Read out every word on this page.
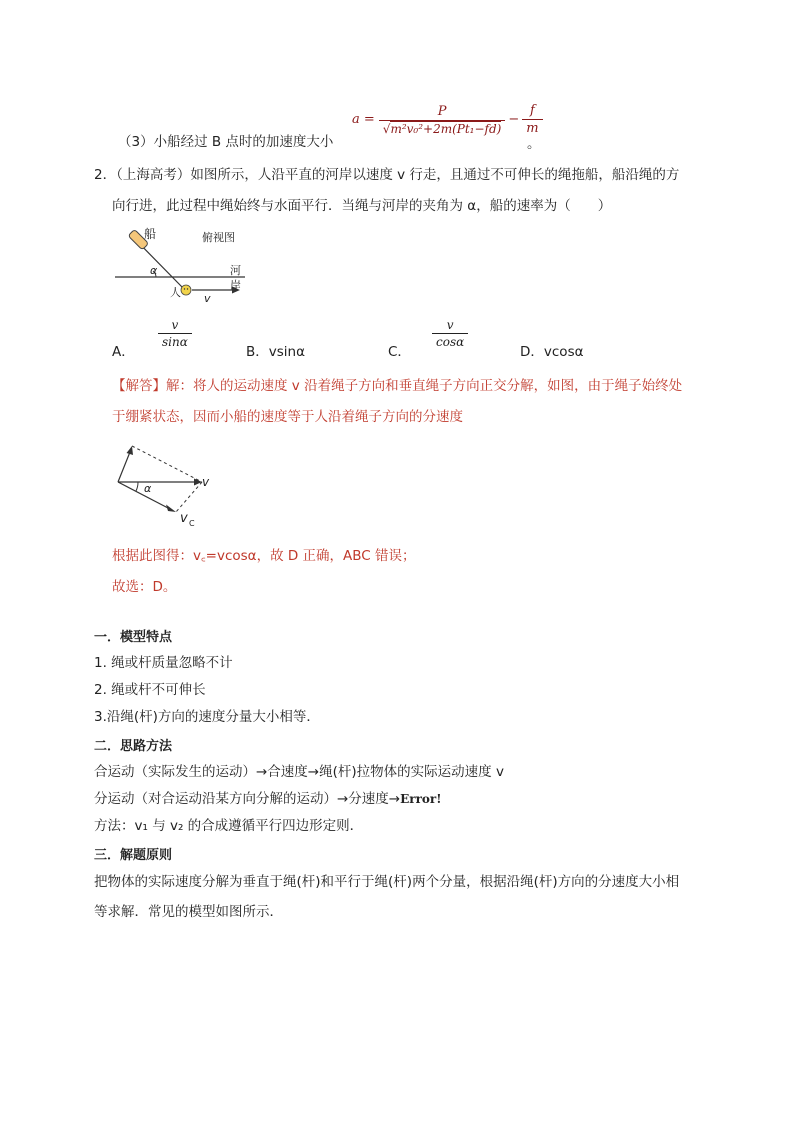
（3）小船经过 B 点时的加速度大小
$a = \frac{P}{\text{√m²v₀²+2m(Pt₁−fd)}} - \frac{f}{m}$
。
2．（上海高考）如图所示，人沿平直的河岸以速度 v 行走，且通过不可伸长的绳拖船，船沿绳的方
向行进，此过程中绳始终与水面平行．当绳与河岸的夹角为 α，船的速率为（　　）
船	俯视图
α	河
岸
人 v
A．
$\frac{v}{\sin\alpha}$
B．vsinα	C．
$\frac{v}{\cos\alpha}$
D．vcosα
【解答】解：将人的运动速度 v 沿着绳子方向和垂直绳子方向正交分解，如图，由于绳子始终处
于绷紧状态，因而小船的速度等于人沿着绳子方向的分速度
α	v
v C
根据此图得：v꜀=vcosα，故 D 正确，ABC 错误；
故选：D。
一．模型特点
1. 绳或杆质量忽略不计
2. 绳或杆不可伸长
3.沿绳(杆)方向的速度分量大小相等．
二．思路方法
合运动（实际发生的运动）→合速度→绳(杆)拉物体的实际运动速度 v
分运动（对合运动沿某方向分解的运动）→分速度→Error!
方法：v₁ 与 v₂ 的合成遵循平行四边形定则．
三．解题原则
把物体的实际速度分解为垂直于绳(杆)和平行于绳(杆)两个分量，根据沿绳(杆)方向的分速度大小相
等求解．常见的模型如图所示．
